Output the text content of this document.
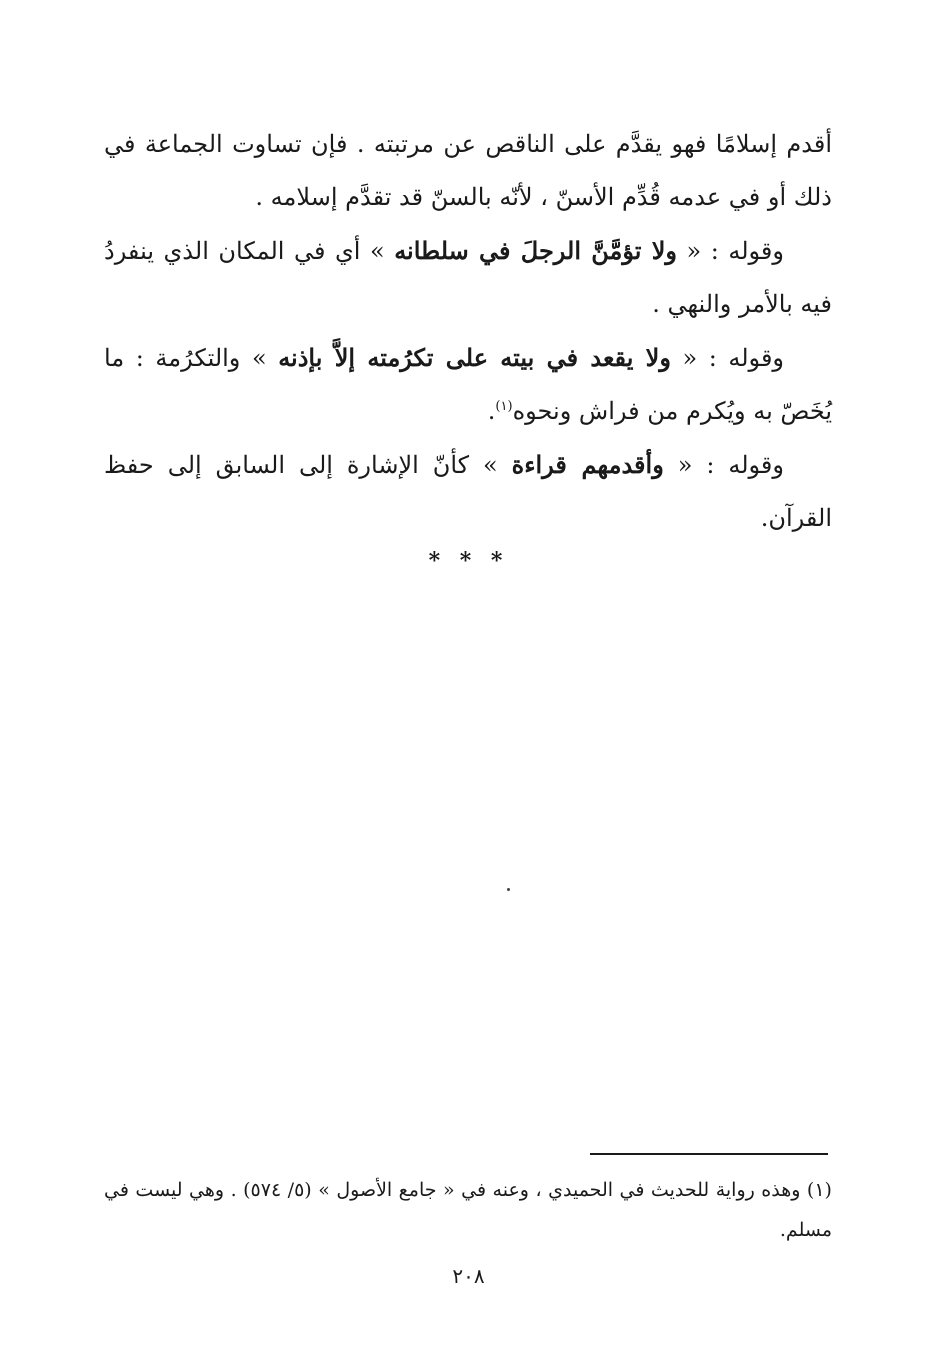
أقدم إسلامًا فهو يقدَّم على الناقص عن مرتبته . فإن تساوت الجماعة في ذلك أو في عدمه قُدِّم الأسنّ ، لأنّه بالسنّ قد تقدَّم إسلامه .

وقوله : « ولا تؤمَّنَّ الرجلَ في سلطانه » أي في المكان الذي ينفردُ فيه بالأمر والنهي .

وقوله : « ولا يقعد في بيته على تكرُمته إلاَّ بإذنه » والتكرُمة : ما يُخَصّ به ويُكرم من فراش ونحوه$^{(١)}$.

وقوله : « وأقدمهم قراءة » كأنّ الإشارة إلى السابق إلى حفظ القرآن.

* * *

(١) وهذه رواية للحديث في الحميدي ، وعنه في « جامع الأصول » (٥/ ٥٧٤) . وهي ليست في مسلم.

٢٠٨
